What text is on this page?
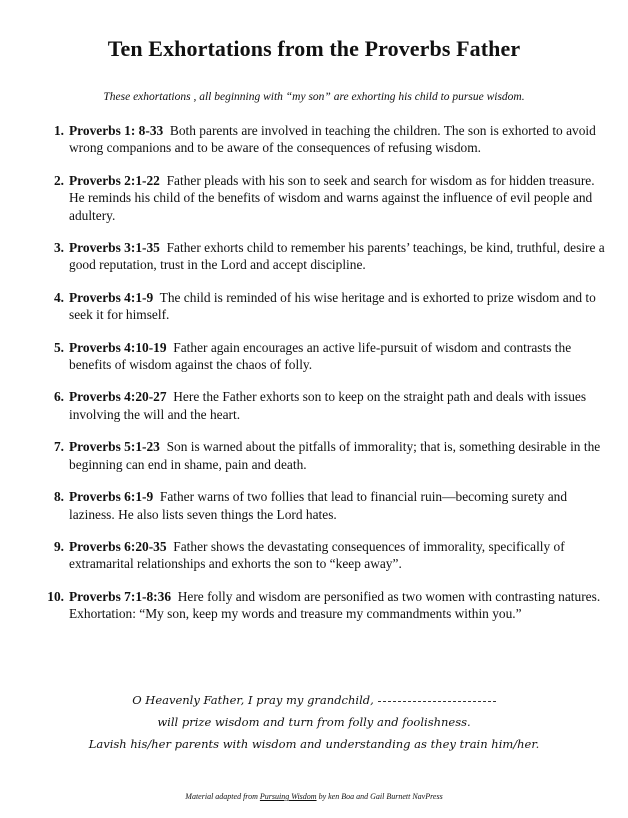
Ten Exhortations from the Proverbs Father
These exhortations , all beginning with “my son” are exhorting his child to pursue wisdom.
1. Proverbs 1: 8-33 Both parents are involved in teaching the children. The son is exhorted to avoid wrong companions and to be aware of the consequences of refusing wisdom.
2. Proverbs 2:1-22 Father pleads with his son to seek and search for wisdom as for hidden treasure. He reminds his child of the benefits of wisdom and warns against the influence of evil people and adultery.
3. Proverbs 3:1-35 Father exhorts child to remember his parents’ teachings, be kind, truthful, desire a good reputation, trust in the Lord and accept discipline.
4. Proverbs 4:1-9 The child is reminded of his wise heritage and is exhorted to prize wisdom and to seek it for himself.
5. Proverbs 4:10-19 Father again encourages an active life-pursuit of wisdom and contrasts the benefits of wisdom against the chaos of folly.
6. Proverbs 4:20-27 Here the Father exhorts son to keep on the straight path and deals with issues involving the will and the heart.
7. Proverbs 5:1-23 Son is warned about the pitfalls of immorality; that is, something desirable in the beginning can end in shame, pain and death.
8. Proverbs 6:1-9 Father warns of two follies that lead to financial ruin—becoming surety and laziness. He also lists seven things the Lord hates.
9. Proverbs 6:20-35 Father shows the devastating consequences of immorality, specifically of extramarital relationships and exhorts the son to “keep away”.
10. Proverbs 7:1-8:36 Here folly and wisdom are personified as two women with contrasting natures. Exhortation: “My son, keep my words and treasure my commandments within you.”
O Heavenly Father, I pray my grandchild,
will prize wisdom and turn from folly and foolishness.
Lavish his/her parents with wisdom and understanding as they train him/her.
Material adapted from Pursuing Wisdom by ken Boa and Gail Burnett NavPress
